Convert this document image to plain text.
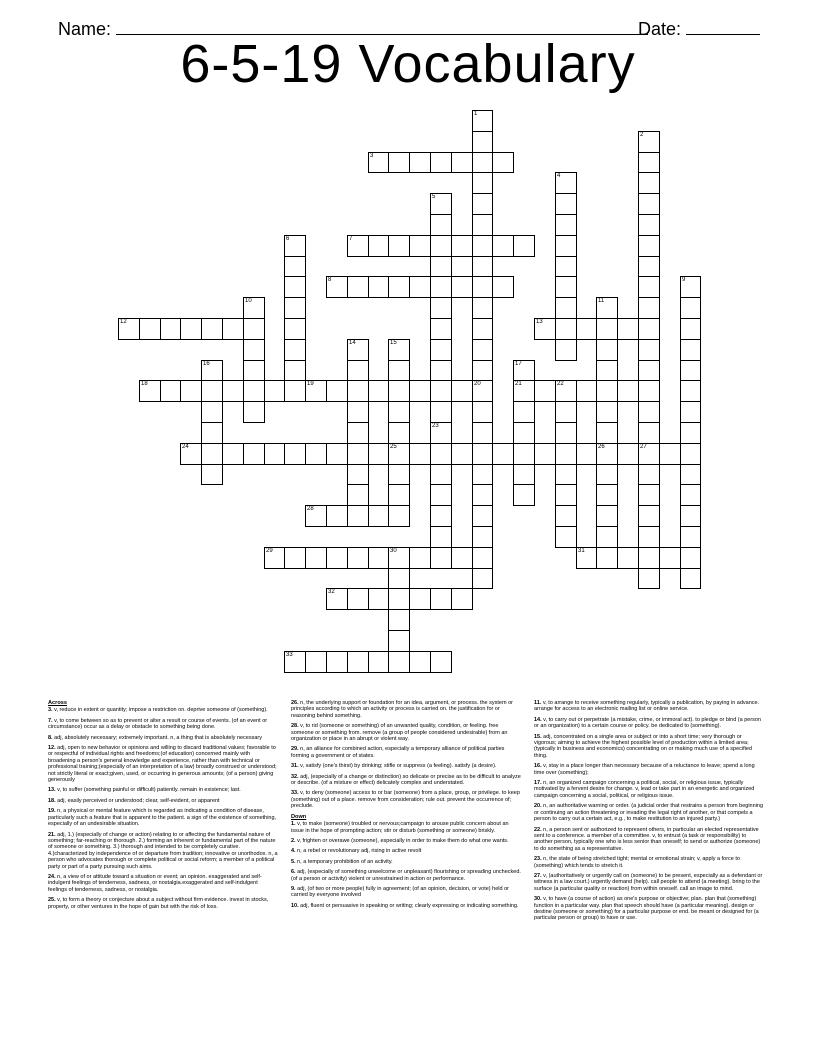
Name:	Date:

6-5-19 Vocabulary
1
20
2
27
3
4
5
23
6	7
8	9
10	11
26
12	13
14	15
25
16	17
21
18	19	22
24
28
29	30	31
32
33
Across

3. v, reduce in extent or quantity; impose a restriction on. deprive someone of (something).

7. v, to come between so as to prevent or alter a result or course of events. (of an event or circumstance) occur as a delay or obstacle to something being done.

8. adj, absolutely necessary; extremely important. n, a thing that is absolutely necessary

12. adj, open to new behavior or opinions and willing to discard traditional values; favorable to or respectful of individual rights and freedoms;(of education) concerned mainly with broadening a person's general knowledge and experience, rather than with technical or professional training;(especially of an interpretation of a law) broadly construed or understood; not strictly literal or exact;given, used, or occurring in generous amounts; (of a person) giving generously

13. v, to suffer (something painful or difficult) patiently. remain in existence; last.

18. adj, easily perceived or understood; clear, self-evident, or apparent

19. n, a physical or mental feature which is regarded as indicating a condition of disease, particularly such a feature that is apparent to the patient. a sign of the existence of something, especially of an undesirable situation.

21. adj, 1.) (especially of change or action) relating to or affecting the fundamental nature of something; far-reaching or thorough. 2.) forming an inherent or fundamental part of the nature of someone or something. 3.) thorough and intended to be completely curative. 4.)characterized by independence of or departure from tradition; innovative or unorthodox. n, a person who advocates thorough or complete political or social reform; a member of a political party or part of a party pursuing such aims.

24. n, a view of or attitude toward a situation or event; an opinion. exaggerated and self-indulgent feelings of tenderness, sadness, or nostalgia.exaggerated and self-indulgent feelings of tenderness, sadness, or nostalgia.

25. v, to form a theory or conjecture about a subject without firm evidence. invest in stocks, property, or other ventures in the hope of gain but with the risk of loss.

26. n, the underlying support or foundation for an idea, argument, or process. the system or principles according to which an activity or process is carried on. the justification for or reasoning behind something.

28. v, to rid (someone or something) of an unwanted quality, condition, or feeling. free someone or something from. remove (a group of people considered undesirable) from an organization or place in an abrupt or violent way.

29. n, an alliance for combined action, especially a temporary alliance of political parties forming a government or of states.

31. v, satisfy (one's thirst) by drinking; stifle or suppress (a feeling). satisfy (a desire).

32. adj, (especially of a change or distinction) so delicate or precise as to be difficult to analyze or describe. (of a mixture or effect) delicately complex and understated.

33. v, to deny (someone) access to or bar (someone) from a place, group, or privilege. to keep (something) out of a place. remove from consideration; rule out. prevent the occurrence of; preclude.

Down

1. v, to make (someone) troubled or nervous;campaign to arouse public concern about an issue in the hope of prompting action; stir or disturb (something or someone) briskly.

2. v, frighten or overawe (someone), especially in order to make them do what one wants.

4. n, a rebel or revolutionary adj, rising in active revolt

5. n, a temporary prohibition of an activity.

6. adj, (especially of something unwelcome or unpleasant) flourishing or spreading unchecked. (of a person or activity) violent or unrestrained in action or performance.

9. adj, (of two or more people) fully in agreement; (of an opinion, decision, or vote) held or carried by everyone involved

10. adj, fluent or persuasive in speaking or writing; clearly expressing or indicating something.

11. v, to arrange to receive something regularly, typically a publication, by paying in advance. arrange for access to an electronic mailing list or online service.

14. v, to carry out or perpetrate (a mistake, crime, or immoral act). to pledge or bind (a person or an organization) to a certain course or policy. be dedicated to (something).

15. adj, concentrated on a single area or subject or into a short time; very thorough or vigorous; aiming to achieve the highest possible level of production within a limited area; (typically in business and economics) concentrating on or making much use of a specified thing.

16. v, stay in a place longer than necessary because of a reluctance to leave; spend a long time over (something);

17. n, an organized campaign concerning a political, social, or religious issue, typically motivated by a fervent desire for change. v, lead or take part in an energetic and organized campaign concerning a social, political, or religious issue.

20. n, an authoritative warning or order. (a judicial order that restrains a person from beginning or continuing an action threatening or invading the legal right of another, or that compels a person to carry out a certain act, e.g., to make restitution to an injured party.)

22. n, a person sent or authorized to represent others, in particular an elected representative sent to a conference. a member of a committee. v, to entrust (a task or responsibility) to another person, typically one who is less senior than oneself; to send or authorize (someone) to do something as a representative.

23. n, the state of being stretched tight; mental or emotional strain; v, apply a force to (something) which tends to stretch it.

27. v, (authoritatively or urgently call on (someone) to be present, especially as a defendant or witness in a law court.) urgently demand (help). call people to attend (a meeting). bring to the surface (a particular quality or reaction) from within oneself. call an image to mind.

30. v, to have (a course of action) as one's purpose or objective; plan. plan that (something) function in a particular way. plan that speech should have (a particular meaning). design or destine (someone or something) for a particular purpose or end. be meant or designed for (a particular person or group) to have or use.
